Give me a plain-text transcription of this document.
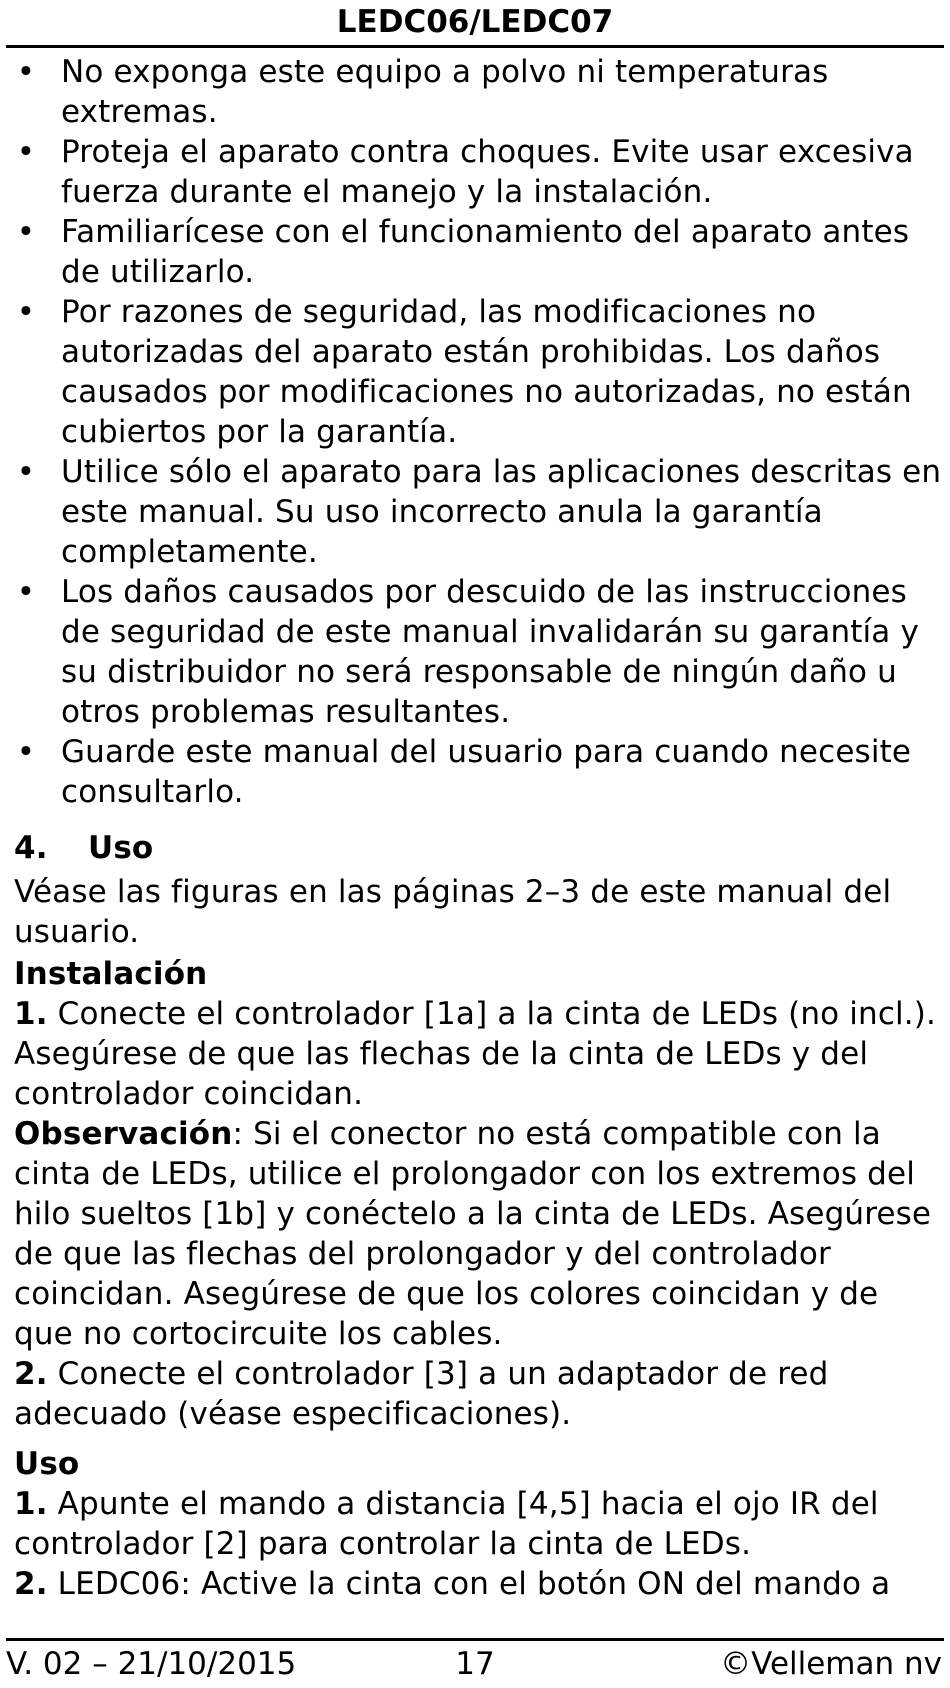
LEDC06/LEDC07
• No exponga este equipo a polvo ni temperaturas extremas.
• Proteja el aparato contra choques. Evite usar excesiva fuerza durante el manejo y la instalación.
• Familiarícese con el funcionamiento del aparato antes de utilizarlo.
• Por razones de seguridad, las modificaciones no autorizadas del aparato están prohibidas. Los daños causados por modificaciones no autorizadas, no están cubiertos por la garantía.
• Utilice sólo el aparato para las aplicaciones descritas en este manual. Su uso incorrecto anula la garantía completamente.
• Los daños causados por descuido de las instrucciones de seguridad de este manual invalidarán su garantía y su distribuidor no será responsable de ningún daño u otros problemas resultantes.
• Guarde este manual del usuario para cuando necesite consultarlo.
4. Uso

Véase las figuras en las páginas 2–3 de este manual del usuario.

Instalación

1. Conecte el controlador [1a] a la cinta de LEDs (no incl.). Asegúrese de que las flechas de la cinta de LEDs y del controlador coincidan.

Observación: Si el conector no está compatible con la cinta de LEDs, utilice el prolongador con los extremos del hilo sueltos [1b] y conéctelo a la cinta de LEDs. Asegúrese de que las flechas del prolongador y del controlador coincidan. Asegúrese de que los colores coincidan y de que no cortocircuite los cables.

2. Conecte el controlador [3] a un adaptador de red adecuado (véase especificaciones).

Uso

1. Apunte el mando a distancia [4,5] hacia el ojo IR del controlador [2] para controlar la cinta de LEDs.

2. LEDC06: Active la cinta con el botón ON del mando a

V. 02 – 21/10/2015	17	©Velleman nv
